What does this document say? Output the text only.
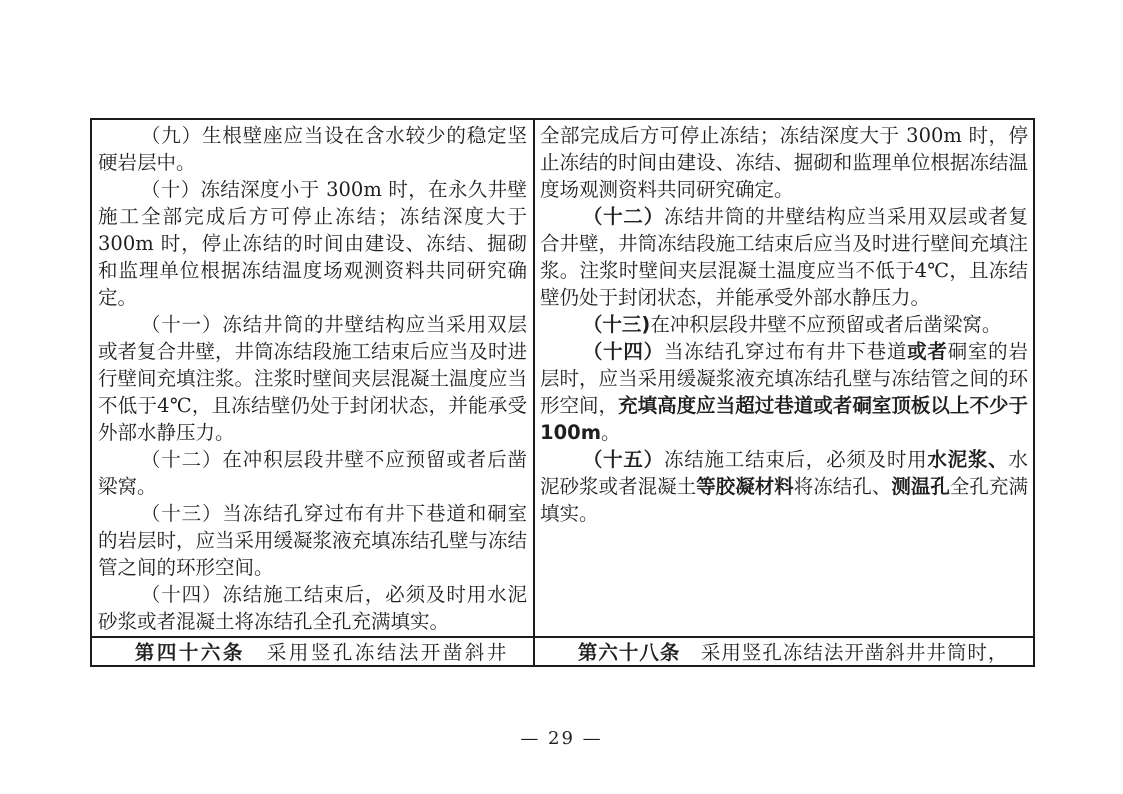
（九）生根壁座应当设在含水较少的稳定坚硬岩层中。

（十）冻结深度小于 300m 时，在永久井壁施工全部完成后方可停止冻结；冻结深度大于 300m 时，停止冻结的时间由建设、冻结、掘砌和监理单位根据冻结温度场观测资料共同研究确定。

（十一）冻结井筒的井壁结构应当采用双层或者复合井壁，井筒冻结段施工结束后应当及时进行壁间充填注浆。注浆时壁间夹层混凝土温度应当不低于4℃，且冻结壁仍处于封闭状态，并能承受外部水静压力。

（十二）在冲积层段井壁不应预留或者后凿梁窝。

（十三）当冻结孔穿过布有井下巷道和硐室的岩层时，应当采用缓凝浆液充填冻结孔壁与冻结管之间的环形空间。

（十四）冻结施工结束后，必须及时用水泥砂浆或者混凝土将冻结孔全孔充满填实。

全部完成后方可停止冻结；冻结深度大于 300m 时，停止冻结的时间由建设、冻结、掘砌和监理单位根据冻结温度场观测资料共同研究确定。

（十二）冻结井筒的井壁结构应当采用双层或者复合井壁，井筒冻结段施工结束后应当及时进行壁间充填注浆。注浆时壁间夹层混凝土温度应当不低于4℃，且冻结壁仍处于封闭状态，并能承受外部水静压力。

（十三)在冲积层段井壁不应预留或者后凿梁窝。

（十四）当冻结孔穿过布有井下巷道或者硐室的岩层时，应当采用缓凝浆液充填冻结孔壁与冻结管之间的环形空间，充填高度应当超过巷道或者硐室顶板以上不少于 100m。

（十五）冻结施工结束后，必须及时用水泥浆、水泥砂浆或者混凝土等胶凝材料将冻结孔、测温孔全孔充满填实。

第四十六条　采用竖孔冻结法开凿斜井	第六十八条　采用竖孔冻结法开凿斜井井筒时，

— 29 —
